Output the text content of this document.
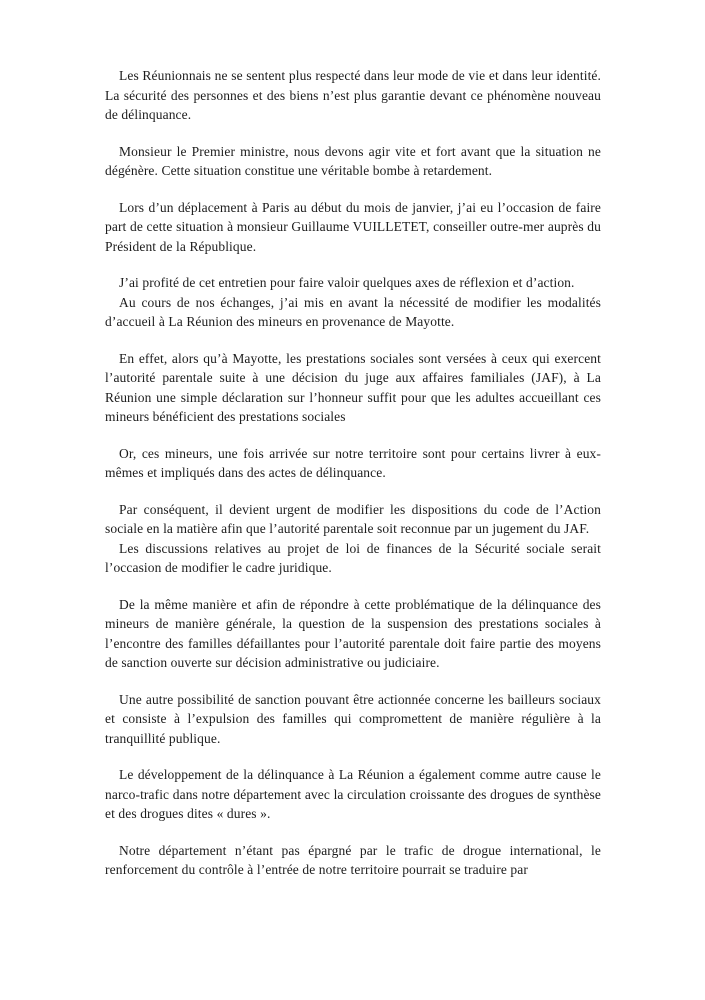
Les Réunionnais ne se sentent plus respecté dans leur mode de vie et dans leur identité. La sécurité des personnes et des biens n’est plus garantie devant ce phénomène nouveau de délinquance.

Monsieur le Premier ministre, nous devons agir vite et fort avant que la situation ne dégénère. Cette situation constitue une véritable bombe à retardement.

Lors d’un déplacement à Paris au début du mois de janvier, j’ai eu l’occasion de faire part de cette situation à monsieur Guillaume VUILLETET, conseiller outre-mer auprès du Président de la République.

J’ai profité de cet entretien pour faire valoir quelques axes de réflexion et d’action.

Au cours de nos échanges, j’ai mis en avant la nécessité de modifier les modalités d’accueil à La Réunion des mineurs en provenance de Mayotte.

En effet, alors qu’à Mayotte, les prestations sociales sont versées à ceux qui exercent l’autorité parentale suite à une décision du juge aux affaires familiales (JAF), à La Réunion une simple déclaration sur l’honneur suffit pour que les adultes accueillant ces mineurs bénéficient des prestations sociales

Or, ces mineurs, une fois arrivée sur notre territoire sont pour certains livrer à eux-mêmes et impliqués dans des actes de délinquance.

Par conséquent, il devient urgent de modifier les dispositions du code de l’Action sociale en la matière afin que l’autorité parentale soit reconnue par un jugement du JAF.

Les discussions relatives au projet de loi de finances de la Sécurité sociale serait l’occasion de modifier le cadre juridique.

De la même manière et afin de répondre à cette problématique de la délinquance des mineurs de manière générale, la question de la suspension des prestations sociales à l’encontre des familles défaillantes pour l’autorité parentale doit faire partie des moyens de sanction ouverte sur décision administrative ou judiciaire.

Une autre possibilité de sanction pouvant être actionnée concerne les bailleurs sociaux et consiste à l’expulsion des familles qui compromettent de manière régulière à la tranquillité publique.

Le développement de la délinquance à La Réunion a également comme autre cause le narco-trafic dans notre département avec la circulation croissante des drogues de synthèse et des drogues dites « dures ».

Notre département n’étant pas épargné par le trafic de drogue international, le renforcement du contrôle à l’entrée de notre territoire pourrait se traduire par
